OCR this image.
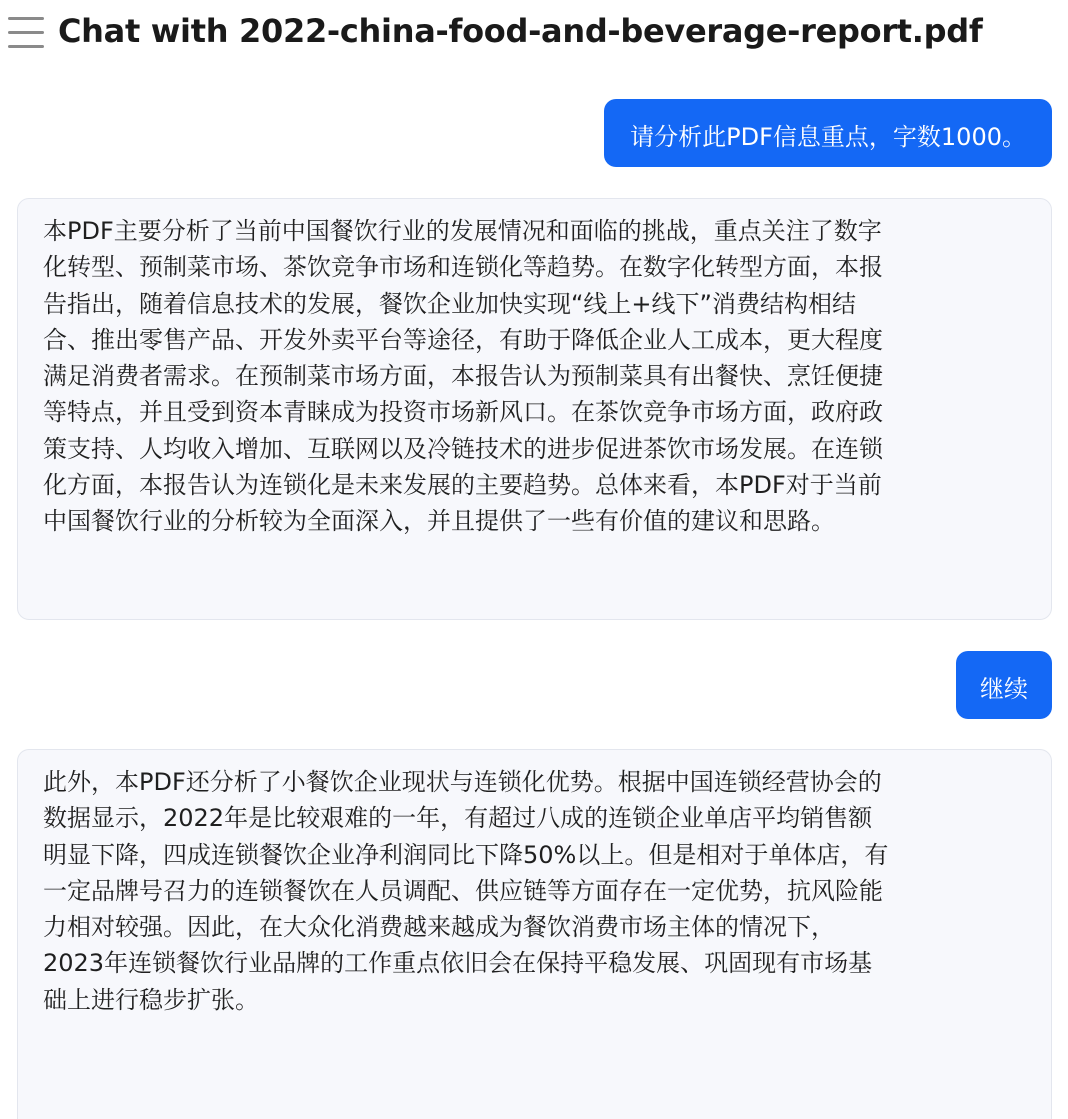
Chat with 2022-china-food-and-beverage-report.pdf
请分析此PDF信息重点，字数1000。
本PDF主要分析了当前中国餐饮行业的发展情况和面临的挑战，重点关注了数字
化转型、预制菜市场、茶饮竞争市场和连锁化等趋势。在数字化转型方面，本报
告指出，随着信息技术的发展，餐饮企业加快实现“线上+线下”消费结构相结
合、推出零售产品、开发外卖平台等途径，有助于降低企业人工成本，更大程度
满足消费者需求。在预制菜市场方面，本报告认为预制菜具有出餐快、烹饪便捷
等特点，并且受到资本青睐成为投资市场新风口。在茶饮竞争市场方面，政府政
策支持、人均收入增加、互联网以及冷链技术的进步促进茶饮市场发展。在连锁
化方面，本报告认为连锁化是未来发展的主要趋势。总体来看，本PDF对于当前
中国餐饮行业的分析较为全面深入，并且提供了一些有价值的建议和思路。
继续
此外，本PDF还分析了小餐饮企业现状与连锁化优势。根据中国连锁经营协会的
数据显示，2022年是比较艰难的一年，有超过八成的连锁企业单店平均销售额
明显下降，四成连锁餐饮企业净利润同比下降50%以上。但是相对于单体店，有
一定品牌号召力的连锁餐饮在人员调配、供应链等方面存在一定优势，抗风险能
力相对较强。因此，在大众化消费越来越成为餐饮消费市场主体的情况下，
2023年连锁餐饮行业品牌的工作重点依旧会在保持平稳发展、巩固现有市场基
础上进行稳步扩张。
